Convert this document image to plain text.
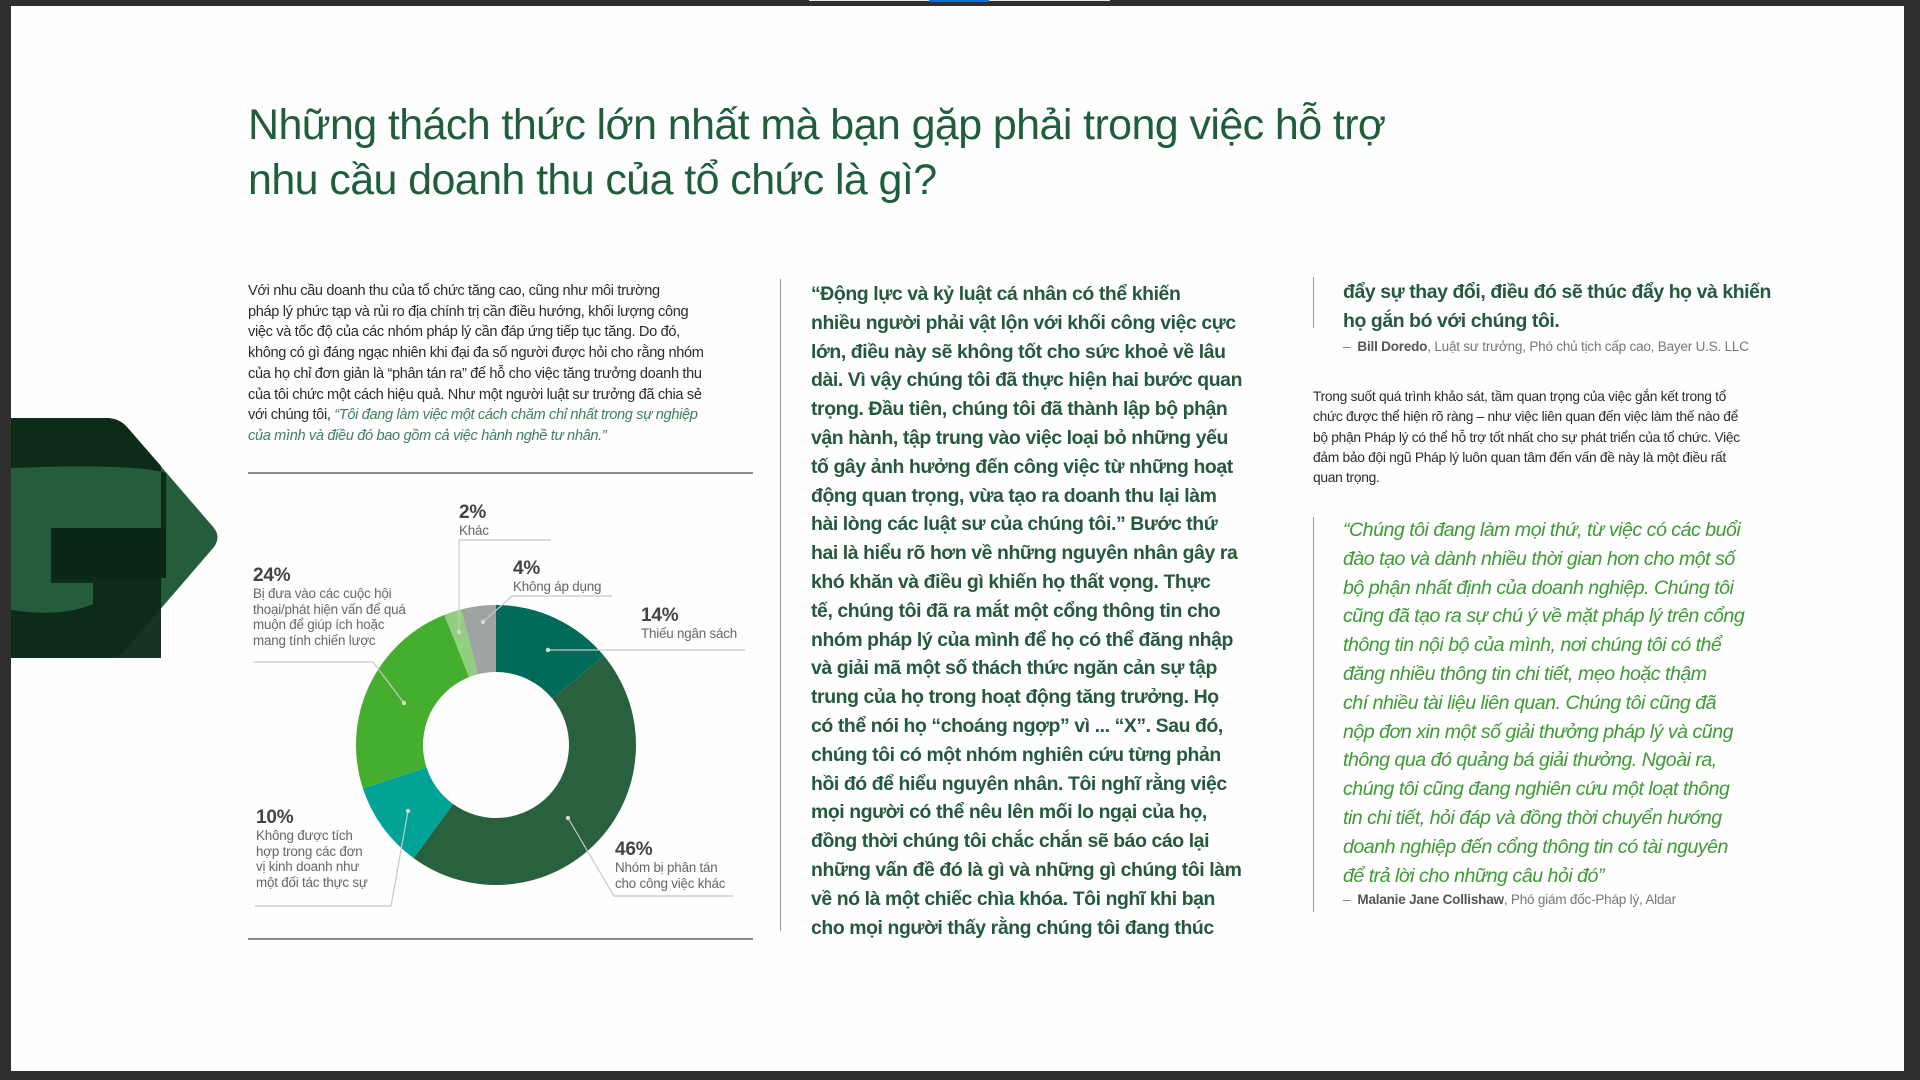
Những thách thức lớn nhất mà bạn gặp phải trong việc hỗ trợ
nhu cầu doanh thu của tổ chức là gì?
Với nhu cầu doanh thu của tổ chức tăng cao, cũng như môi trường
pháp lý phức tạp và rủi ro địa chính trị cần điều hướng, khối lượng công
việc và tốc độ của các nhóm pháp lý cần đáp ứng tiếp tục tăng. Do đó,
không có gì đáng ngạc nhiên khi đại đa số người được hỏi cho rằng nhóm
của họ chỉ đơn giản là “phân tán ra” để hỗ cho việc tăng trưởng doanh thu
của tôi chức một cách hiệu quả. Như một người luật sư trưởng đã chia sẻ
với chúng tôi, “Tôi đang làm việc một cách chăm chỉ nhất trong sự nghiệp
của mình và điều đó bao gồm cả việc hành nghề tư nhân.”
2%
Khác
4%
Không áp dụng
14%
Thiếu ngân sách
24%
Bị đưa vào các cuộc hội
thoại/phát hiện vấn để quá
muộn để giúp ích hoặc
mang tính chiến lược
10%
Không được tích
hợp trong các đơn
vị kinh doanh như
một đối tác thực sự
46%
Nhóm bị phân tán
cho công việc khác
“Động lực và kỷ luật cá nhân có thể khiến
nhiều người phải vật lộn với khối công việc cực
lớn, điều này sẽ không tốt cho sức khoẻ về lâu
dài. Vì vậy chúng tôi đã thực hiện hai bước quan
trọng. Đầu tiên, chúng tôi đã thành lập bộ phận
vận hành, tập trung vào việc loại bỏ những yếu
tố gây ảnh hưởng đến công việc từ những hoạt
động quan trọng, vừa tạo ra doanh thu lại làm
hài lòng các luật sư của chúng tôi.” Bước thứ
hai là hiểu rõ hơn về những nguyên nhân gây ra
khó khăn và điều gì khiến họ thất vọng. Thực
tế, chúng tôi đã ra mắt một cổng thông tin cho
nhóm pháp lý của mình để họ có thể đăng nhập
và giải mã một số thách thức ngăn cản sự tập
trung của họ trong hoạt động tăng trưởng. Họ
có thể nói họ “choáng ngợp” vì ... “X”. Sau đó,
chúng tôi có một nhóm nghiên cứu từng phản
hồi đó để hiểu nguyên nhân. Tôi nghĩ rằng việc
mọi người có thể nêu lên mối lo ngại của họ,
đồng thời chúng tôi chắc chắn sẽ báo cáo lại
những vấn đề đó là gì và những gì chúng tôi làm
về nó là một chiếc chìa khóa. Tôi nghĩ khi bạn
cho mọi người thấy rằng chúng tôi đang thúc
đẩy sự thay đổi, điều đó sẽ thúc đẩy họ và khiến
họ gắn bó với chúng tôi.
– Bill Doredo, Luật sư trưởng, Phó chủ tịch cấp cao, Bayer U.S. LLC
Trong suốt quá trình khảo sát, tầm quan trọng của việc gắn kết trong tổ
chức được thể hiện rõ ràng – như việc liên quan đến việc làm thế nào để
bộ phận Pháp lý có thể hỗ trợ tốt nhất cho sự phát triển của tổ chức. Việc
đảm bảo đội ngũ Pháp lý luôn quan tâm đến vấn đề này là một điều rất
quan trọng.
“Chúng tôi đang làm mọi thứ, từ việc có các buổi
đào tạo và dành nhiều thời gian hơn cho một số
bộ phận nhất định của doanh nghiệp. Chúng tôi
cũng đã tạo ra sự chú ý về mặt pháp lý trên cổng
thông tin nội bộ của mình, nơi chúng tôi có thể
đăng nhiều thông tin chi tiết, mẹo hoặc thậm
chí nhiều tài liệu liên quan. Chúng tôi cũng đã
nộp đơn xin một số giải thưởng pháp lý và cũng
thông qua đó quảng bá giải thưởng. Ngoài ra,
chúng tôi cũng đang nghiên cứu một loạt thông
tin chi tiết, hỏi đáp và đồng thời chuyển hướng
doanh nghiệp đến cổng thông tin có tài nguyên
để trả lời cho những câu hỏi đó”
– Malanie Jane Collishaw, Phó giám đốc-Pháp lý, Aldar
